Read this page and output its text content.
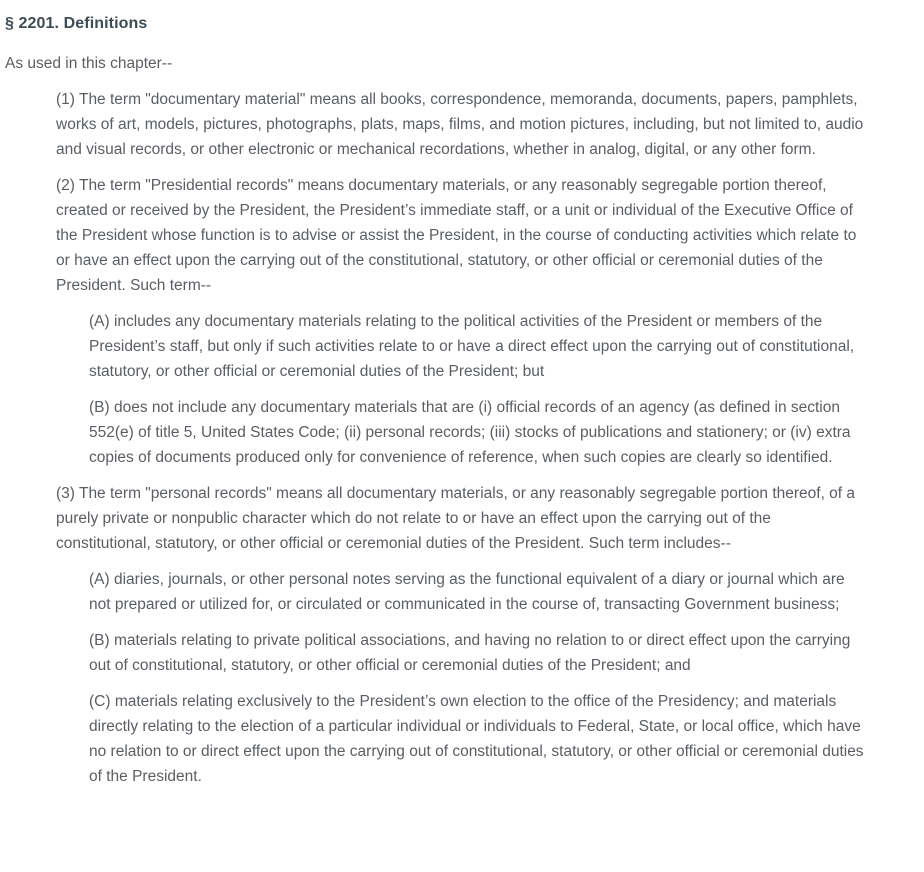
§ 2201. Definitions

As used in this chapter--

(1) The term "documentary material" means all books, correspondence, memoranda, documents, papers, pamphlets, works of art, models, pictures, photographs, plats, maps, films, and motion pictures, including, but not limited to, audio and visual records, or other electronic or mechanical recordations, whether in analog, digital, or any other form.

(2) The term "Presidential records" means documentary materials, or any reasonably segregable portion thereof, created or received by the President, the President’s immediate staff, or a unit or individual of the Executive Office of the President whose function is to advise or assist the President, in the course of conducting activities which relate to or have an effect upon the carrying out of the constitutional, statutory, or other official or ceremonial duties of the President. Such term--

(A) includes any documentary materials relating to the political activities of the President or members of the President’s staff, but only if such activities relate to or have a direct effect upon the carrying out of constitutional, statutory, or other official or ceremonial duties of the President; but

(B) does not include any documentary materials that are (i) official records of an agency (as defined in section 552(e) of title 5, United States Code; (ii) personal records; (iii) stocks of publications and stationery; or (iv) extra copies of documents produced only for convenience of reference, when such copies are clearly so identified.

(3) The term "personal records" means all documentary materials, or any reasonably segregable portion thereof, of a purely private or nonpublic character which do not relate to or have an effect upon the carrying out of the constitutional, statutory, or other official or ceremonial duties of the President. Such term includes--

(A) diaries, journals, or other personal notes serving as the functional equivalent of a diary or journal which are not prepared or utilized for, or circulated or communicated in the course of, transacting Government business;

(B) materials relating to private political associations, and having no relation to or direct effect upon the carrying out of constitutional, statutory, or other official or ceremonial duties of the President; and

(C) materials relating exclusively to the President’s own election to the office of the Presidency; and materials directly relating to the election of a particular individual or individuals to Federal, State, or local office, which have no relation to or direct effect upon the carrying out of constitutional, statutory, or other official or ceremonial duties of the President.
